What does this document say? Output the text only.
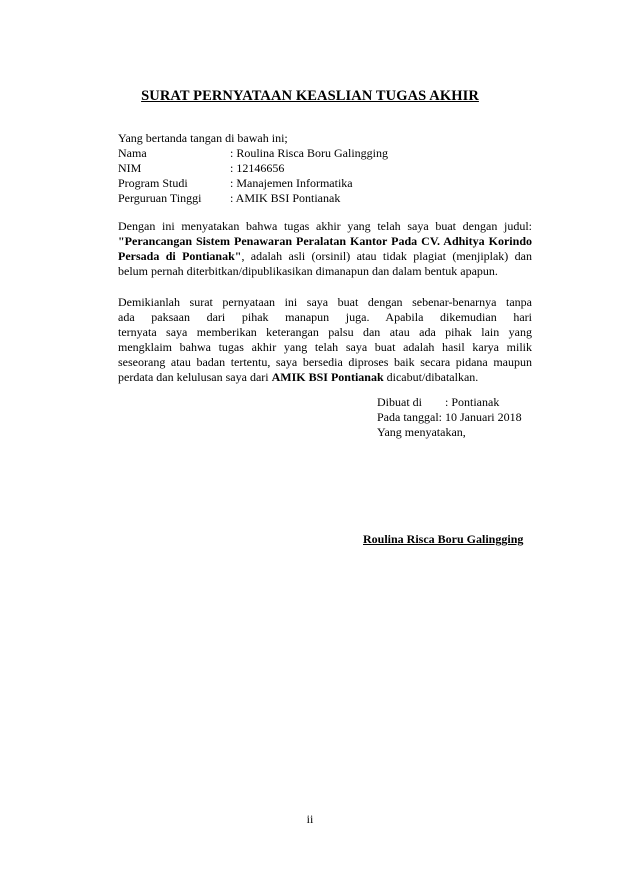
SURAT PERNYATAAN KEASLIAN TUGAS AKHIR
Yang bertanda tangan di bawah ini;
Nama	: Roulina Risca Boru Galingging
NIM	: 12146656
Program Studi	: Manajemen Informatika
Perguruan Tinggi	: AMIK BSI Pontianak
Dengan ini menyatakan bahwa tugas akhir yang telah saya buat dengan judul:
"Perancangan Sistem Penawaran Peralatan Kantor Pada CV. Adhitya Korindo
Persada di Pontianak", adalah asli (orsinil) atau tidak plagiat (menjiplak) dan
belum pernah diterbitkan/dipublikasikan dimanapun dan dalam bentuk apapun.
Demikianlah surat pernyataan ini saya buat dengan sebenar-benarnya tanpa
ada paksaan dari pihak manapun juga. Apabila dikemudian hari
ternyata saya memberikan keterangan palsu dan atau ada pihak lain yang
mengklaim bahwa tugas akhir yang telah saya buat adalah hasil karya milik
seseorang atau badan tertentu, saya bersedia diproses baik secara pidana maupun
perdata dan kelulusan saya dari AMIK BSI Pontianak dicabut/dibatalkan.
Dibuat di	: Pontianak
Pada tanggal : 10 Januari 2018
Yang menyatakan,
Roulina Risca Boru Galingging
ii
